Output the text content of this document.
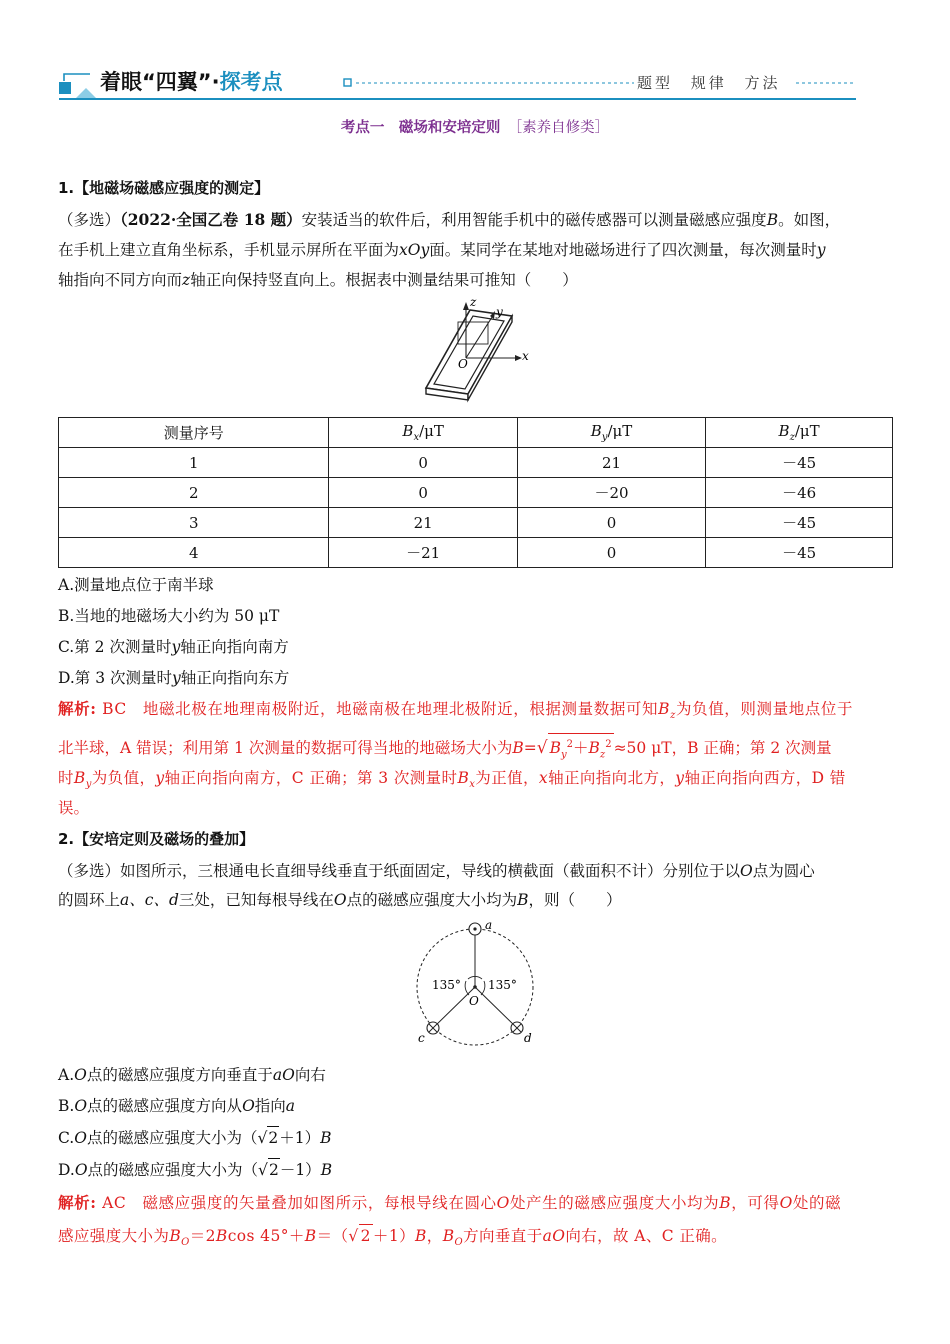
着眼“四翼”·探考点	题型 规律 方法
考点一　磁场和安培定则　 ［素养自修类］
1.【地磁场磁感应强度的测定】
（多选）（2022·全国乙卷 18 题）安装适当的软件后，利用智能手机中的磁传感器可以测量磁感应强度B。如图，
在手机上建立直角坐标系，手机显示屏所在平面为xOy面。某同学在某地对地磁场进行了四次测量，每次测量时y
轴指向不同方向而z轴正向保持竖直向上。根据表中测量结果可推知（　　）
z
y
x
O
测量序号	$B_x/\mu T$	$B_y/\mu T$	$B_z/\mu T$
1	0	21	－45
2	0	－20	－46
3	21	0	－45
4	－21	0	－45
A.测量地点位于南半球
B.当地的地磁场大小约为 50 μT
C.第 2 次测量时y轴正向指向南方
D.第 3 次测量时y轴正向指向东方
解析: BC　 地磁北极在地理南极附近，地磁南极在地理北极附近，根据测量数据可知$B_z$为负值，则测量地点位于
北半球，A 错误；利用第 1 次测量的数据可得当地的地磁场大小为B=√ $B_y^2+B_z^2 \approx 50$ μT，B 正确；第 2 次测量
时$B_y$为负值，y轴正向指向南方，C 正确；第 3 次测量时$B_x$为正值，x轴正向指向北方，y轴正向指向西方，D 错
误。
2.【安培定则及磁场的叠加】
（多选）如图所示，三根通电长直细导线垂直于纸面固定，导线的横截面（截面积不计）分别位于以O点为圆心
的圆环上a、c、d三处，已知每根导线在O点的磁感应强度大小均为B，则（　　）
a
c	d
O
135° 135°
A.O点的磁感应强度方向垂直于aO向右
B.O点的磁感应强度方向从O指向a
C.O点的磁感应强度大小为（√2＋1）B
D.O点的磁感应强度大小为（√2－1）B
解析: AC　 磁感应强度的矢量叠加如图所示，每根导线在圆心O处产生的磁感应强度大小均为B，可得O处的磁
感应强度大小为$B_O=2Bcos$ 45°＋B＝（√ 2 ＋1）B，$B_O$方向垂直于aO向右，故 A、C 正确。
